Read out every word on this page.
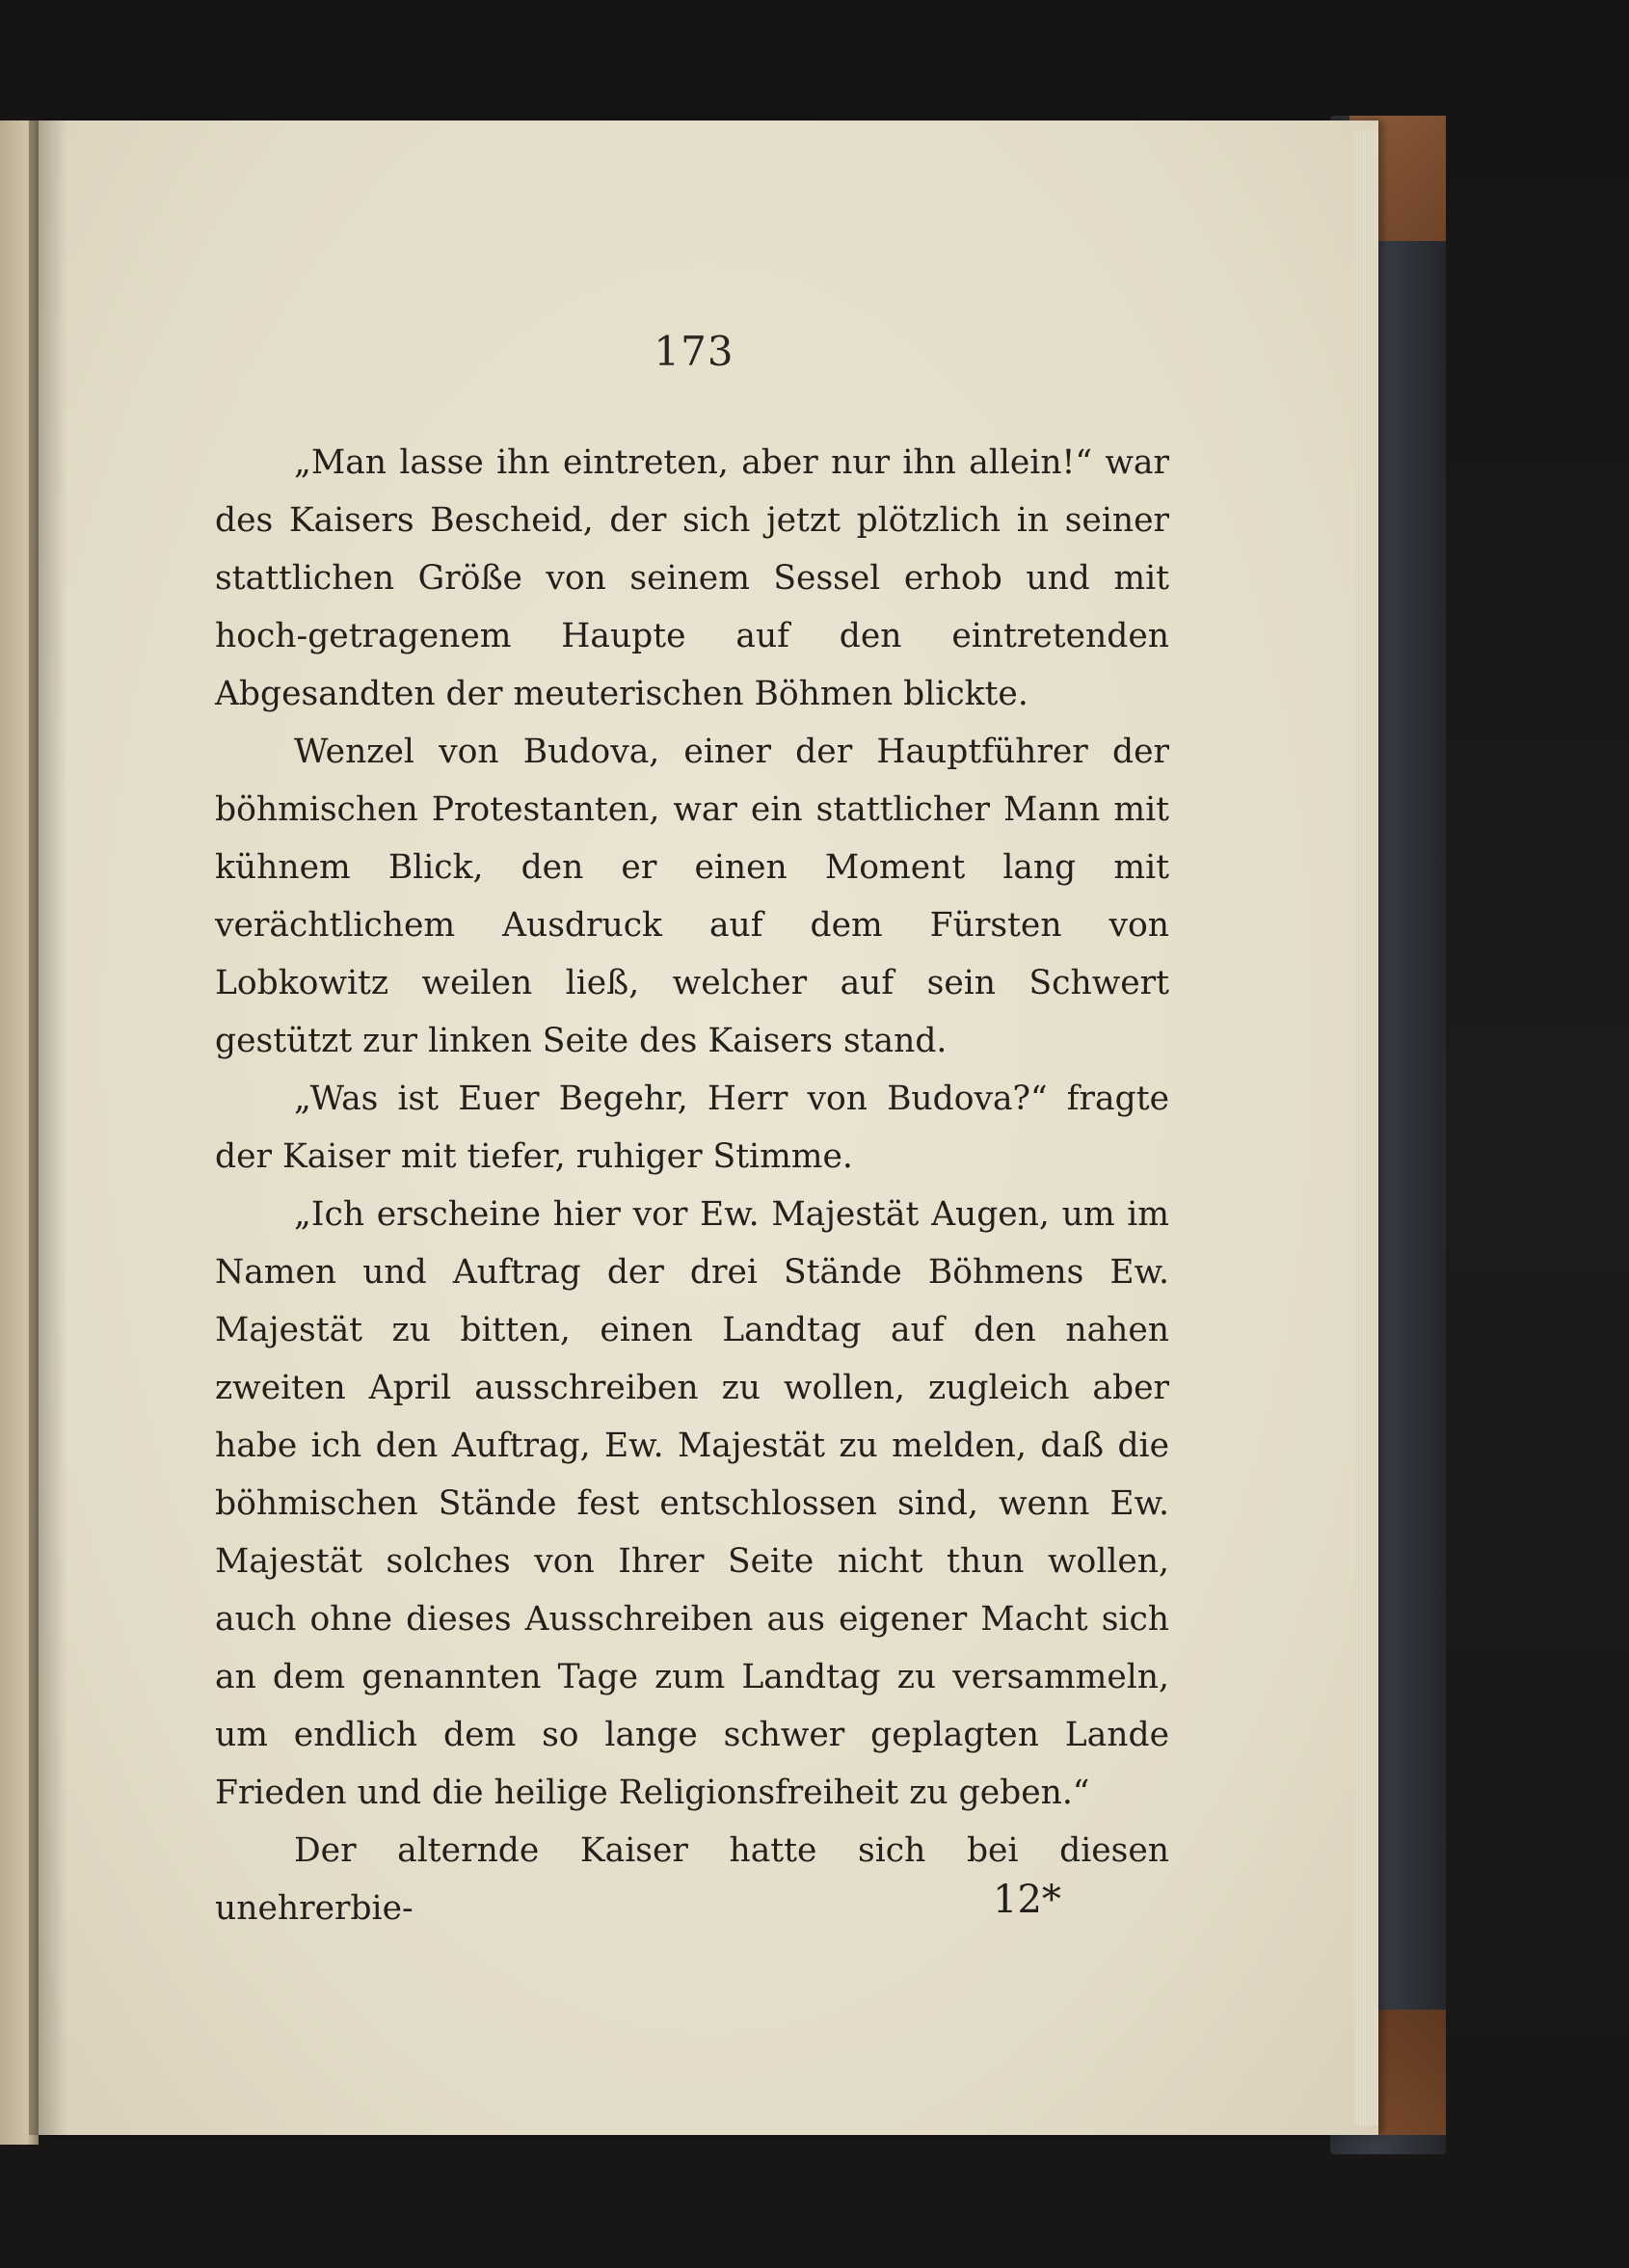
173

„Man lasse ihn eintreten, aber nur ihn allein!“ war des Kaisers Bescheid, der sich jetzt plötzlich in seiner stattlichen Größe von seinem Sessel erhob und mit hoch-getragenem Haupte auf den eintretenden Abgesandten der meuterischen Böhmen blickte.

Wenzel von Budova, einer der Hauptführer der böhmischen Protestanten, war ein stattlicher Mann mit kühnem Blick, den er einen Moment lang mit verächtlichem Ausdruck auf dem Fürsten von Lobkowitz weilen ließ, welcher auf sein Schwert gestützt zur linken Seite des Kaisers stand.

„Was ist Euer Begehr, Herr von Budova?“ fragte der Kaiser mit tiefer, ruhiger Stimme.

„Ich erscheine hier vor Ew. Majestät Augen, um im Namen und Auftrag der drei Stände Böhmens Ew. Majestät zu bitten, einen Landtag auf den nahen zweiten April ausschreiben zu wollen, zugleich aber habe ich den Auftrag, Ew. Majestät zu melden, daß die böhmischen Stände fest entschlossen sind, wenn Ew. Majestät solches von Ihrer Seite nicht thun wollen, auch ohne dieses Ausschreiben aus eigener Macht sich an dem genannten Tage zum Landtag zu versammeln, um endlich dem so lange schwer geplagten Lande Frieden und die heilige Religionsfreiheit zu geben.“

Der alternde Kaiser hatte sich bei diesen unehrerbie-	12*
